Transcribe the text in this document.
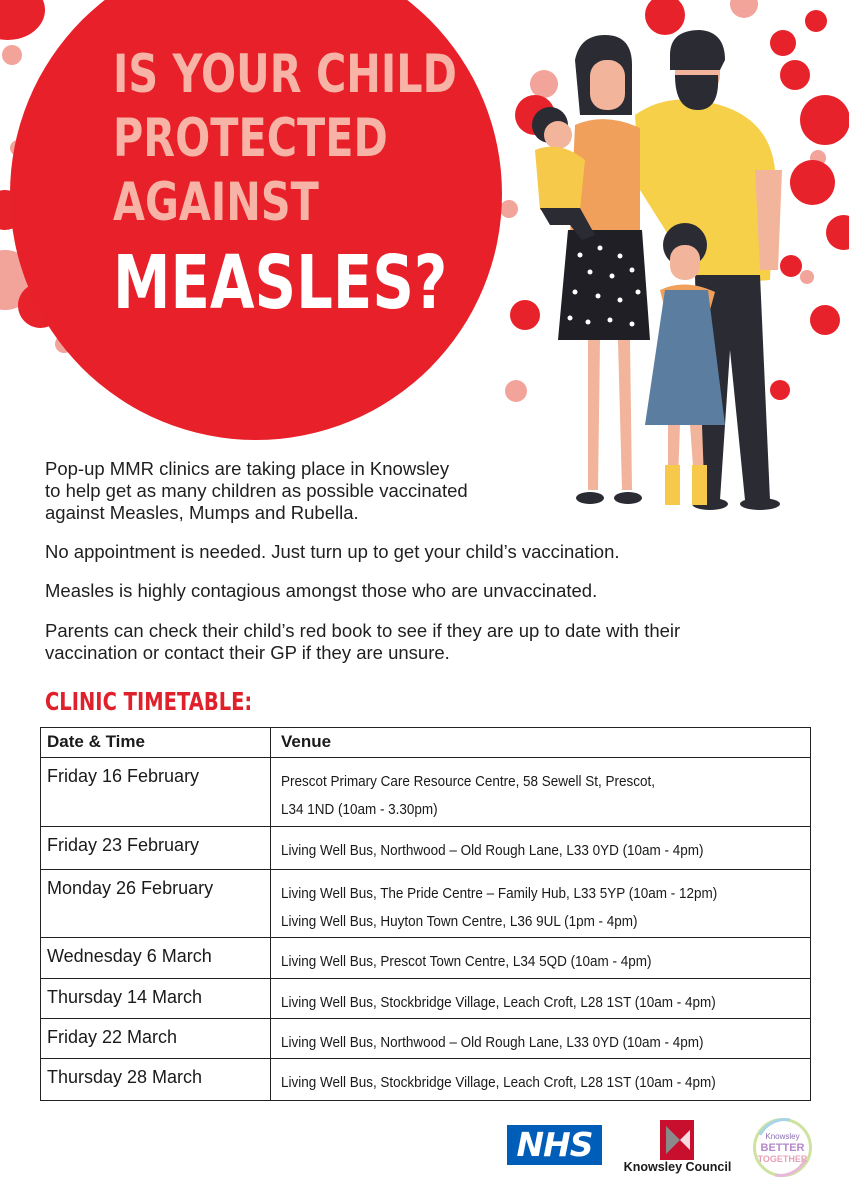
IS YOUR CHILD
PROTECTED
AGAINST
MEASLES?
Pop-up MMR clinics are taking place in Knowsley
to help get as many children as possible vaccinated
against Measles, Mumps and Rubella.
No appointment is needed. Just turn up to get your child’s vaccination.
Measles is highly contagious amongst those who are unvaccinated.
Parents can check their child’s red book to see if they are up to date with their
vaccination or contact their GP if they are unsure.
CLINIC TIMETABLE:
Date & Time	Venue
Friday 16 February	Prescot Primary Care Resource Centre, 58 Sewell St, Prescot,
L34 1ND (10am - 3.30pm)

Friday 23 February	Living Well Bus, Northwood – Old Rough Lane, L33 0YD (10am - 4pm)

Monday 26 February	Living Well Bus, The Pride Centre – Family Hub, L33 5YP (10am - 12pm)
Living Well Bus, Huyton Town Centre, L36 9UL (1pm - 4pm)

Wednesday 6 March	Living Well Bus, Prescot Town Centre, L34 5QD (10am - 4pm)

Thursday 14 March	Living Well Bus, Stockbridge Village, Leach Croft, L28 1ST (10am - 4pm)

Friday 22 March	Living Well Bus, Northwood – Old Rough Lane, L33 0YD (10am - 4pm)

Thursday 28 March	Living Well Bus, Stockbridge Village, Leach Croft, L28 1ST (10am - 4pm)
NHS
Knowsley Council
Knowsley
BETTER
TOGETHER
